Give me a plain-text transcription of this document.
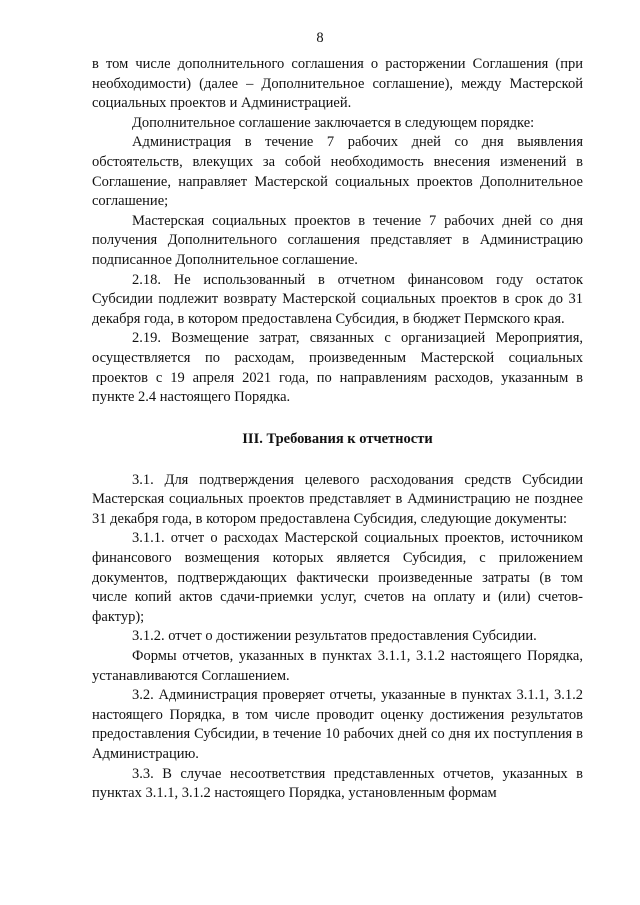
8

в том числе дополнительного соглашения о расторжении Соглашения (при необходимости) (далее – Дополнительное соглашение), между Мастерской социальных проектов и Администрацией.

Дополнительное соглашение заключается в следующем порядке:

Администрация в течение 7 рабочих дней со дня выявления обстоятельств, влекущих за собой необходимость внесения изменений в Соглашение, направляет Мастерской социальных проектов Дополнительное соглашение;

Мастерская социальных проектов в течение 7 рабочих дней со дня получения Дополнительного соглашения представляет в Администрацию подписанное Дополнительное соглашение.

2.18. Не использованный в отчетном финансовом году остаток Субсидии подлежит возврату Мастерской социальных проектов в срок до 31 декабря года, в котором предоставлена Субсидия, в бюджет Пермского края.

2.19. Возмещение затрат, связанных с организацией Мероприятия, осуществляется по расходам, произведенным Мастерской социальных проектов с 19 апреля 2021 года, по направлениям расходов, указанным в пункте 2.4 настоящего Порядка.

III. Требования к отчетности

3.1. Для подтверждения целевого расходования средств Субсидии Мастерская социальных проектов представляет в Администрацию не позднее 31 декабря года, в котором предоставлена Субсидия, следующие документы:

3.1.1. отчет о расходах Мастерской социальных проектов, источником финансового возмещения которых является Субсидия, с приложением документов, подтверждающих фактически произведенные затраты (в том числе копий актов сдачи-приемки услуг, счетов на оплату и (или) счетов-фактур);

3.1.2. отчет о достижении результатов предоставления Субсидии.

Формы отчетов, указанных в пунктах 3.1.1, 3.1.2 настоящего Порядка, устанавливаются Соглашением.

3.2. Администрация проверяет отчеты, указанные в пунктах 3.1.1, 3.1.2 настоящего Порядка, в том числе проводит оценку достижения результатов предоставления Субсидии, в течение 10 рабочих дней со дня их поступления в Администрацию.

3.3. В случае несоответствия представленных отчетов, указанных в пунктах 3.1.1, 3.1.2 настоящего Порядка, установленным формам
